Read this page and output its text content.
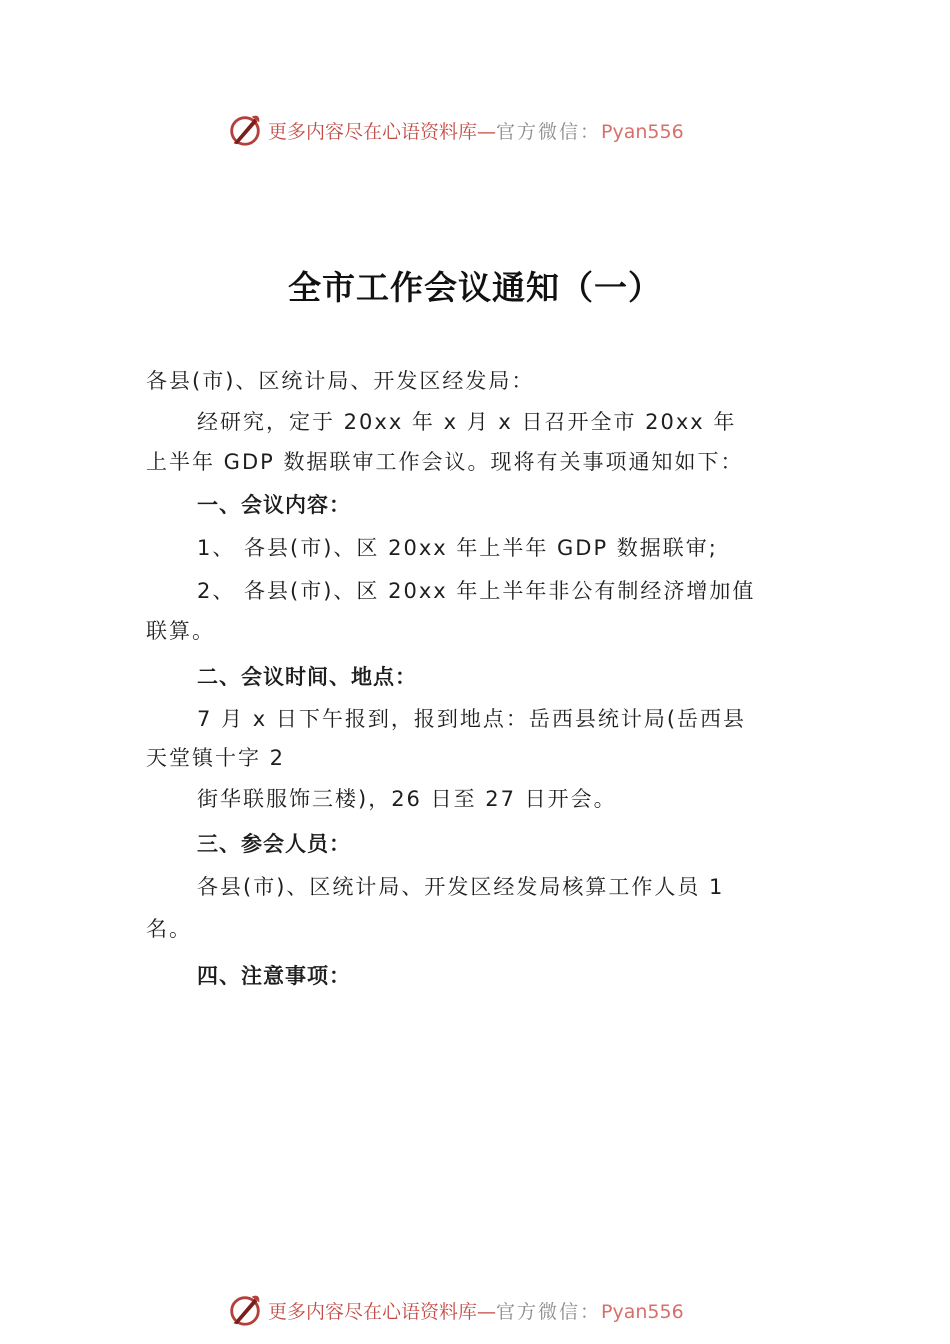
更多内容尽在心语资料库—官方微信：Pyan556
全市工作会议通知（一）
各县(市)、区统计局、开发区经发局：
经研究，定于 20xx 年 x 月 x 日召开全市 20xx 年
上半年 GDP 数据联审工作会议。现将有关事项通知如下：
一、会议内容：
1、 各县(市)、区 20xx 年上半年 GDP 数据联审;
2、 各县(市)、区 20xx 年上半年非公有制经济增加值
联算。
二、会议时间、地点：
7 月 x 日下午报到，报到地点：岳西县统计局(岳西县
天堂镇十字 2
街华联服饰三楼)，26 日至 27 日开会。
三、参会人员：
各县(市)、区统计局、开发区经发局核算工作人员 1
名。
四、注意事项：
更多内容尽在心语资料库—官方微信：Pyan556
